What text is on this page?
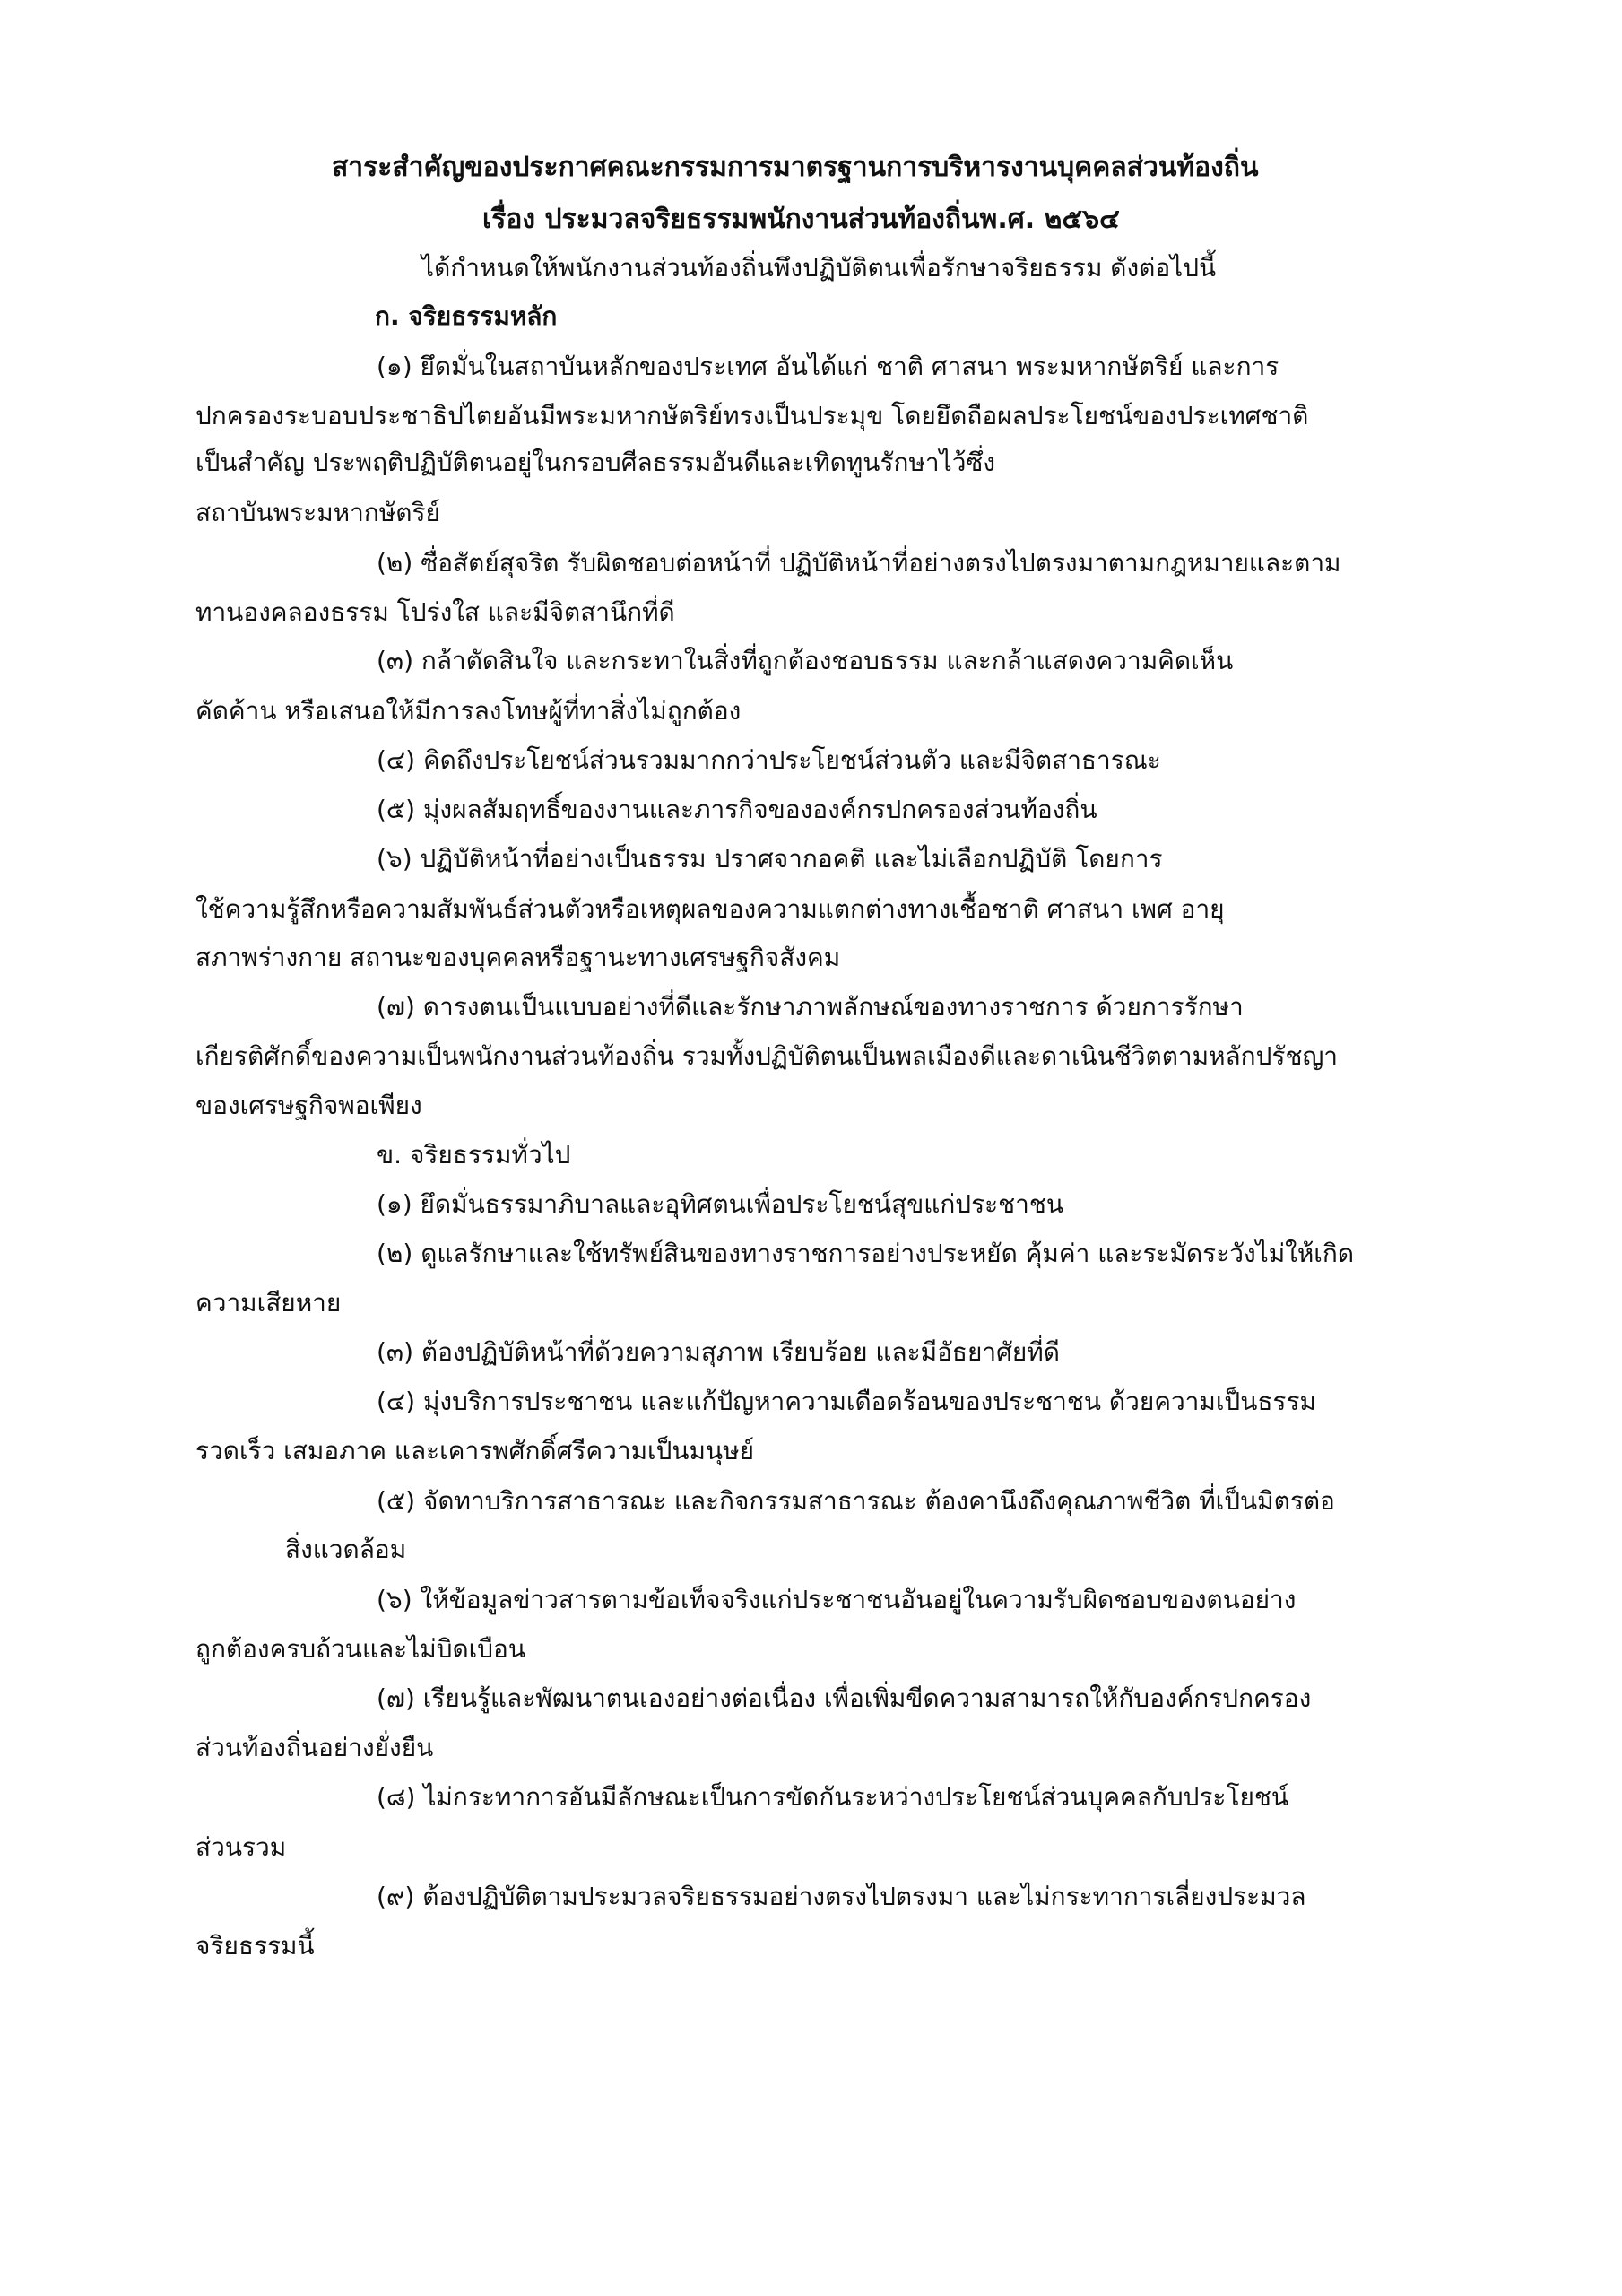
สาระสำคัญของประกาศคณะกรรมการมาตรฐานการบริหารงานบุคคลส่วนท้องถิ่น
เรื่อง ประมวลจริยธรรมพนักงานส่วนท้องถิ่นพ.ศ. ๒๕๖๔
ได้กำหนดให้พนักงานส่วนท้องถิ่นพึงปฏิบัติตนเพื่อรักษาจริยธรรม ดังต่อไปนี้
ก. จริยธรรมหลัก
(๑) ยึดมั่นในสถาบันหลักของประเทศ อันได้แก่ ชาติ ศาสนา พระมหากษัตริย์ และการ
ปกครองระบอบประชาธิปไตยอันมีพระมหากษัตริย์ทรงเป็นประมุข โดยยึดถือผลประโยชน์ของประเทศชาติ
เป็นสำคัญ ประพฤติปฏิบัติตนอยู่ในกรอบศีลธรรมอันดีและเทิดทูนรักษาไว้ซึ่ง
สถาบันพระมหากษัตริย์
(๒) ซื่อสัตย์สุจริต รับผิดชอบต่อหน้าที่ ปฏิบัติหน้าที่อย่างตรงไปตรงมาตามกฎหมายและตาม
ทานองคลองธรรม โปร่งใส และมีจิตสานึกที่ดี
(๓) กล้าตัดสินใจ และกระทาในสิ่งที่ถูกต้องชอบธรรม และกล้าแสดงความคิดเห็น
คัดค้าน หรือเสนอให้มีการลงโทษผู้ที่ทาสิ่งไม่ถูกต้อง
(๔) คิดถึงประโยชน์ส่วนรวมมากกว่าประโยชน์ส่วนตัว และมีจิตสาธารณะ
(๕) มุ่งผลสัมฤทธิ์ของงานและภารกิจขององค์กรปกครองส่วนท้องถิ่น
(๖) ปฏิบัติหน้าที่อย่างเป็นธรรม ปราศจากอคติ และไม่เลือกปฏิบัติ โดยการ
ใช้ความรู้สึกหรือความสัมพันธ์ส่วนตัวหรือเหตุผลของความแตกต่างทางเชื้อชาติ ศาสนา เพศ อายุ
สภาพร่างกาย สถานะของบุคคลหรือฐานะทางเศรษฐกิจสังคม
(๗) ดารงตนเป็นแบบอย่างที่ดีและรักษาภาพลักษณ์ของทางราชการ ด้วยการรักษา
เกียรติศักดิ์ของความเป็นพนักงานส่วนท้องถิ่น รวมทั้งปฏิบัติตนเป็นพลเมืองดีและดาเนินชีวิตตามหลักปรัชญา
ของเศรษฐกิจพอเพียง
ข. จริยธรรมทั่วไป
(๑) ยึดมั่นธรรมาภิบาลและอุทิศตนเพื่อประโยชน์สุขแก่ประชาชน
(๒) ดูแลรักษาและใช้ทรัพย์สินของทางราชการอย่างประหยัด คุ้มค่า และระมัดระวังไม่ให้เกิด
ความเสียหาย
(๓) ต้องปฏิบัติหน้าที่ด้วยความสุภาพ เรียบร้อย และมีอัธยาศัยที่ดี
(๔) มุ่งบริการประชาชน และแก้ปัญหาความเดือดร้อนของประชาชน ด้วยความเป็นธรรม
รวดเร็ว เสมอภาค และเคารพศักดิ์ศรีความเป็นมนุษย์
(๕) จัดทาบริการสาธารณะ และกิจกรรมสาธารณะ ต้องคานึงถึงคุณภาพชีวิต ที่เป็นมิตรต่อ
สิ่งแวดล้อม
(๖) ให้ข้อมูลข่าวสารตามข้อเท็จจริงแก่ประชาชนอันอยู่ในความรับผิดชอบของตนอย่าง
ถูกต้องครบถ้วนและไม่บิดเบือน
(๗) เรียนรู้และพัฒนาตนเองอย่างต่อเนื่อง เพื่อเพิ่มขีดความสามารถให้กับองค์กรปกครอง
ส่วนท้องถิ่นอย่างยั่งยืน
(๘) ไม่กระทาการอันมีลักษณะเป็นการขัดกันระหว่างประโยชน์ส่วนบุคคลกับประโยชน์
ส่วนรวม
(๙) ต้องปฏิบัติตามประมวลจริยธรรมอย่างตรงไปตรงมา และไม่กระทาการเลี่ยงประมวล
จริยธรรมนี้
